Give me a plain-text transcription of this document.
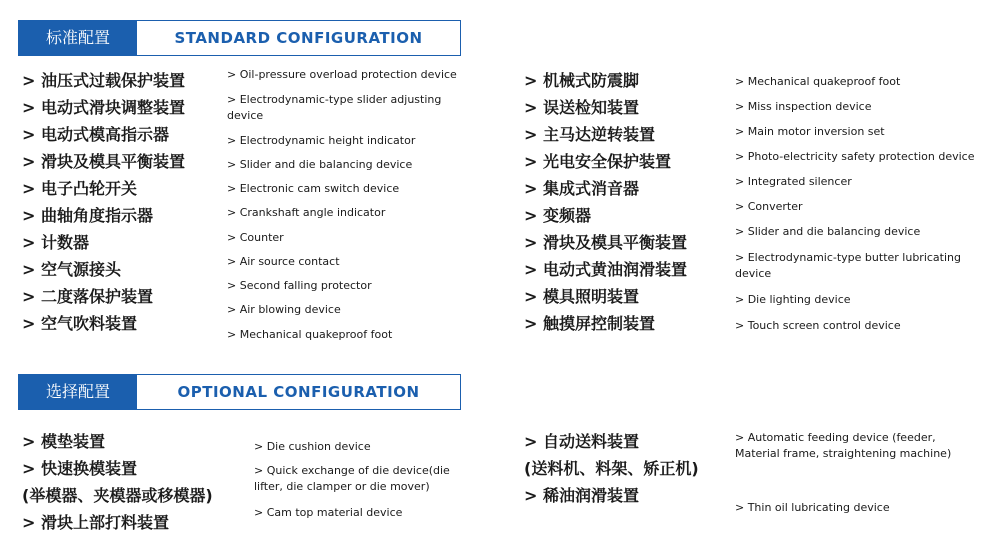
标准配置	STANDARD CONFIGURATION
> 油压式过载保护装置
> 电动式滑块调整装置
> 电动式模高指示器
> 滑块及模具平衡装置
> 电子凸轮开关
> 曲轴角度指示器
> 计数器
> 空气源接头
> 二度落保护装置
> 空气吹料装置
> Oil-pressure overload protection device
> Electrodynamic-type slider adjusting device
> Electrodynamic height indicator
> Slider and die balancing device
> Electronic cam switch device
> Crankshaft angle indicator
> Counter
> Air source contact
> Second falling protector
> Air blowing device
> Mechanical quakeproof foot
> 机械式防震脚
> 误送检知装置
> 主马达逆转装置
> 光电安全保护装置
> 集成式消音器
> 变频器
> 滑块及模具平衡装置
> 电动式黄油润滑装置
> 模具照明装置
> 触摸屏控制装置
> Mechanical quakeproof foot
> Miss inspection device
> Main motor inversion set
> Photo-electricity safety protection device
> Integrated silencer
> Converter
> Slider and die balancing device
> Electrodynamic-type butter lubricating device
> Die lighting device
> Touch screen control device
选择配置	OPTIONAL CONFIGURATION
> 模垫装置
> 快速换模装置
(举模器、夹模器或移模器)
> 滑块上部打料装置
> Die cushion device
> Quick exchange of die device(die lifter, die clamper or die mover)
> Cam top material device
> 自动送料装置
(送料机、料架、矫正机)
> 稀油润滑装置
> Automatic feeding device (feeder, Material frame, straightening machine)
> Thin oil lubricating device
